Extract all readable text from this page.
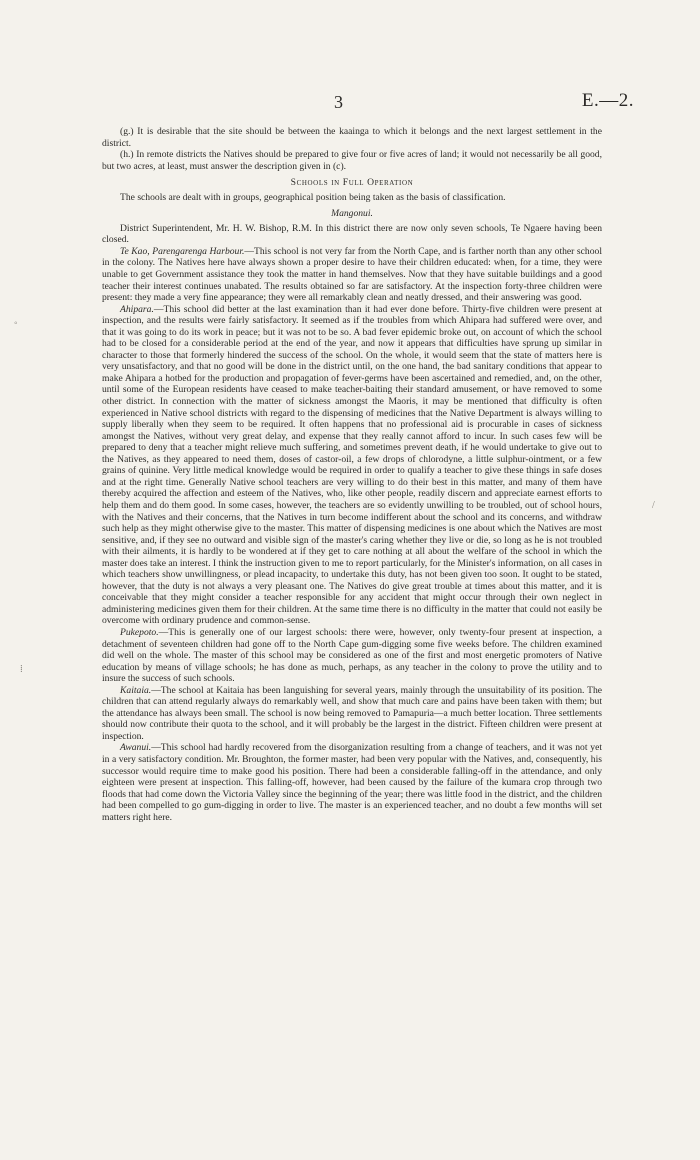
3	E.—2.
◦
⁞
/

(g.) It is desirable that the site should be between the kaainga to which it belongs and the next largest settlement in the district.

(h.) In remote districts the Natives should be prepared to give four or five acres of land; it would not necessarily be all good, but two acres, at least, must answer the description given in (c).

Schools in Full Operation

The schools are dealt with in groups, geographical position being taken as the basis of classification.

Mangonui.

District Superintendent, Mr. H. W. Bishop, R.M. In this district there are now only seven schools, Te Ngaere having been closed.

Te Kao, Parengarenga Harbour.—This school is not very far from the North Cape, and is farther north than any other school in the colony. The Natives here have always shown a proper desire to have their children educated: when, for a time, they were unable to get Government assistance they took the matter in hand themselves. Now that they have suitable buildings and a good teacher their interest continues unabated. The results obtained so far are satisfactory. At the inspection forty-three children were present: they made a very fine appearance; they were all remarkably clean and neatly dressed, and their answering was good.

Ahipara.—This school did better at the last examination than it had ever done before. Thirty-five children were present at inspection, and the results were fairly satisfactory. It seemed as if the troubles from which Ahipara had suffered were over, and that it was going to do its work in peace; but it was not to be so. A bad fever epidemic broke out, on account of which the school had to be closed for a considerable period at the end of the year, and now it appears that difficulties have sprung up similar in character to those that formerly hindered the success of the school. On the whole, it would seem that the state of matters here is very unsatisfactory, and that no good will be done in the district until, on the one hand, the bad sanitary conditions that appear to make Ahipara a hotbed for the production and propagation of fever-germs have been ascertained and remedied, and, on the other, until some of the European residents have ceased to make teacher-baiting their standard amusement, or have removed to some other district. In connection with the matter of sickness amongst the Maoris, it may be mentioned that difficulty is often experienced in Native school districts with regard to the dispensing of medicines that the Native Department is always willing to supply liberally when they seem to be required. It often happens that no professional aid is procurable in cases of sickness amongst the Natives, without very great delay, and expense that they really cannot afford to incur. In such cases few will be prepared to deny that a teacher might relieve much suffering, and sometimes prevent death, if he would undertake to give out to the Natives, as they appeared to need them, doses of castor-oil, a few drops of chlorodyne, a little sulphur-ointment, or a few grains of quinine. Very little medical knowledge would be required in order to qualify a teacher to give these things in safe doses and at the right time. Generally Native school teachers are very willing to do their best in this matter, and many of them have thereby acquired the affection and esteem of the Natives, who, like other people, readily discern and appreciate earnest efforts to help them and do them good. In some cases, however, the teachers are so evidently unwilling to be troubled, out of school hours, with the Natives and their concerns, that the Natives in turn become indifferent about the school and its concerns, and withdraw such help as they might otherwise give to the master. This matter of dispensing medicines is one about which the Natives are most sensitive, and, if they see no outward and visible sign of the master's caring whether they live or die, so long as he is not troubled with their ailments, it is hardly to be wondered at if they get to care nothing at all about the welfare of the school in which the master does take an interest. I think the instruction given to me to report particularly, for the Minister's information, on all cases in which teachers show unwillingness, or plead incapacity, to undertake this duty, has not been given too soon. It ought to be stated, however, that the duty is not always a very pleasant one. The Natives do give great trouble at times about this matter, and it is conceivable that they might consider a teacher responsible for any accident that might occur through their own neglect in administering medicines given them for their children. At the same time there is no difficulty in the matter that could not easily be overcome with ordinary prudence and common-sense.

Pukepoto.—This is generally one of our largest schools: there were, however, only twenty-four present at inspection, a detachment of seventeen children had gone off to the North Cape gum-digging some five weeks before. The children examined did well on the whole. The master of this school may be considered as one of the first and most energetic promoters of Native education by means of village schools; he has done as much, perhaps, as any teacher in the colony to prove the utility and to insure the success of such schools.

Kaitaia.—The school at Kaitaia has been languishing for several years, mainly through the unsuitability of its position. The children that can attend regularly always do remarkably well, and show that much care and pains have been taken with them; but the attendance has always been small. The school is now being removed to Pamapuria—a much better location. Three settlements should now contribute their quota to the school, and it will probably be the largest in the district. Fifteen children were present at inspection.

Awanui.—This school had hardly recovered from the disorganization resulting from a change of teachers, and it was not yet in a very satisfactory condition. Mr. Broughton, the former master, had been very popular with the Natives, and, consequently, his successor would require time to make good his position. There had been a considerable falling-off in the attendance, and only eighteen were present at inspection. This falling-off, however, had been caused by the failure of the kumara crop through two floods that had come down the Victoria Valley since the beginning of the year; there was little food in the district, and the children had been compelled to go gum-digging in order to live. The master is an experienced teacher, and no doubt a few months will set matters right here.
